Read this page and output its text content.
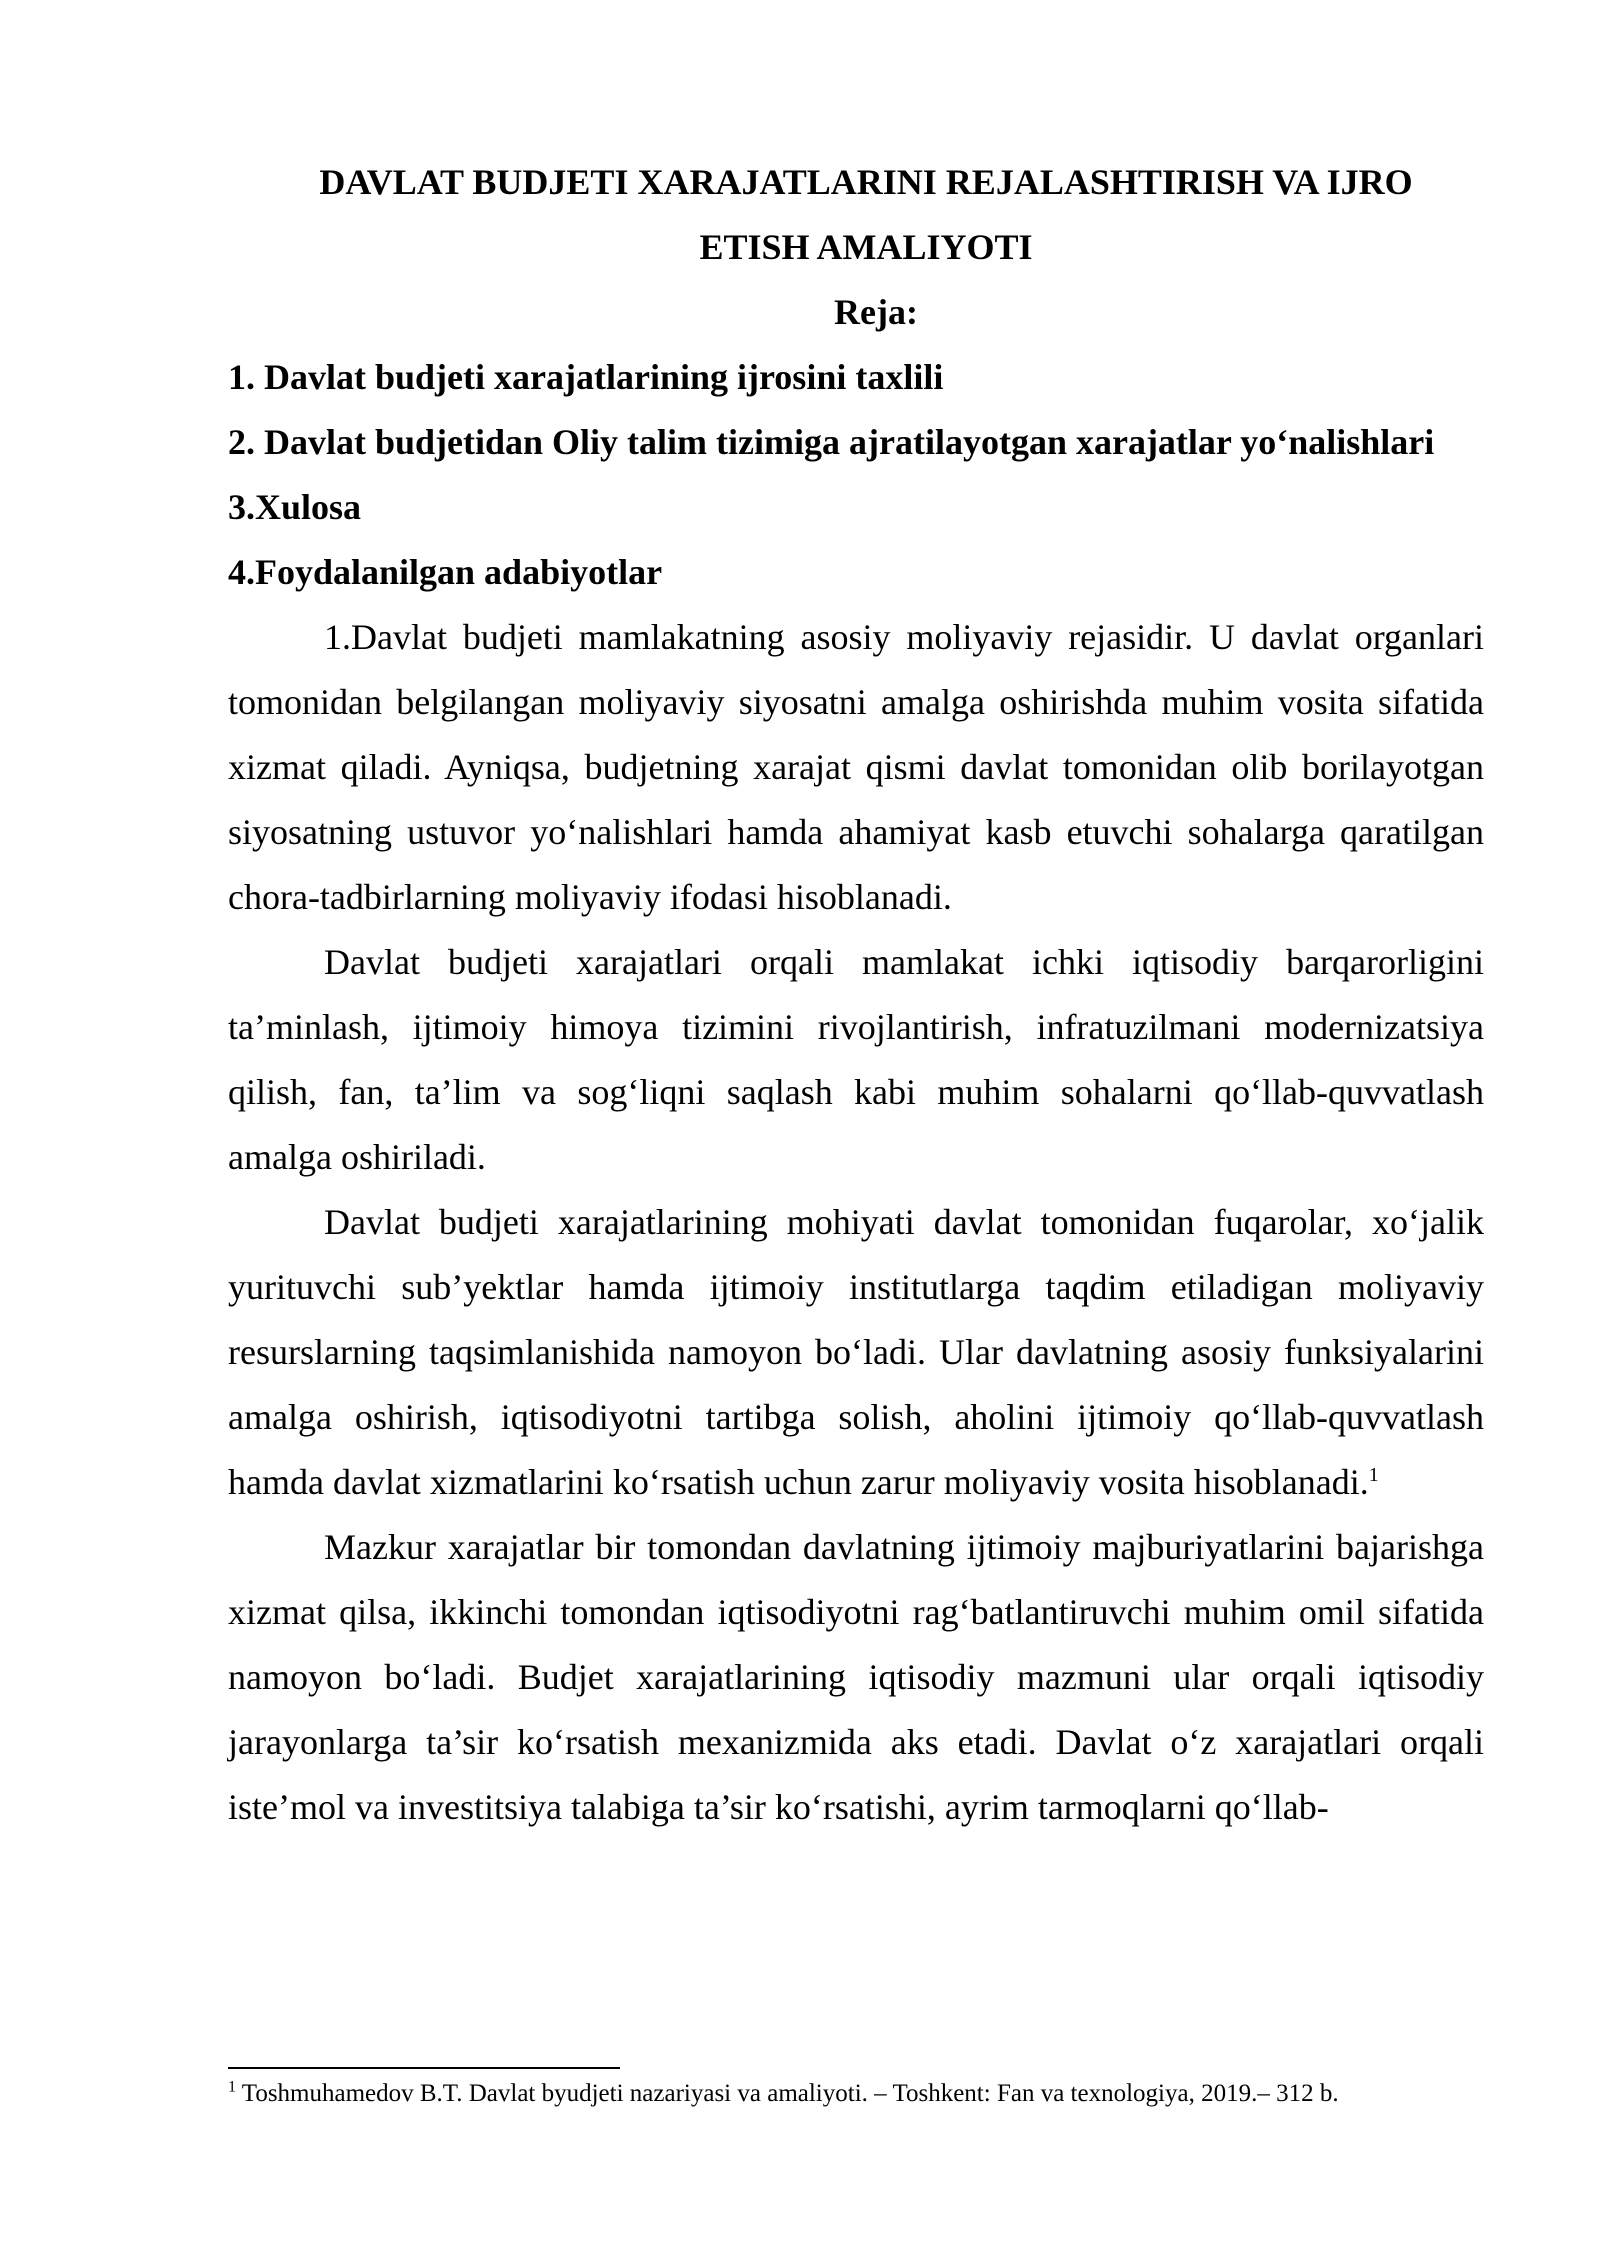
DAVLAT BUDJETI XARAJATLARINI REJALASHTIRISH VA IJRO ETISH AMALIYOTI

Reja:

1. Davlat budjeti xarajatlarining ijrosini taxlili

2. Davlat budjetidan Oliy talim tizimiga ajratilayotgan xarajatlar yo‘nalishlari

3.Xulosa

4.Foydalanilgan adabiyotlar

1.Davlat budjeti mamlakatning asosiy moliyaviy rejasidir. U davlat organlari tomonidan belgilangan moliyaviy siyosatni amalga oshirishda muhim vosita sifatida xizmat qiladi. Ayniqsa, budjetning xarajat qismi davlat tomonidan olib borilayotgan siyosatning ustuvor yo‘nalishlari hamda ahamiyat kasb etuvchi sohalarga qaratilgan chora-tadbirlarning moliyaviy ifodasi hisoblanadi.

Davlat budjeti xarajatlari orqali mamlakat ichki iqtisodiy barqarorligini ta’minlash, ijtimoiy himoya tizimini rivojlantirish, infratuzilmani modernizatsiya qilish, fan, ta’lim va sog‘liqni saqlash kabi muhim sohalarni qo‘llab-quvvatlash amalga oshiriladi.

Davlat budjeti xarajatlarining mohiyati davlat tomonidan fuqarolar, xo‘jalik yurituvchi sub’yektlar hamda ijtimoiy institutlarga taqdim etiladigan moliyaviy resurslarning taqsimlanishida namoyon bo‘ladi. Ular davlatning asosiy funksiyalarini amalga oshirish, iqtisodiyotni tartibga solish, aholini ijtimoiy qo‘llab-quvvatlash hamda davlat xizmatlarini ko‘rsatish uchun zarur moliyaviy vosita hisoblanadi.$^1$

Mazkur xarajatlar bir tomondan davlatning ijtimoiy majburiyatlarini bajarishga xizmat qilsa, ikkinchi tomondan iqtisodiyotni rag‘batlantiruvchi muhim omil sifatida namoyon bo‘ladi. Budjet xarajatlarining iqtisodiy mazmuni ular orqali iqtisodiy jarayonlarga ta’sir ko‘rsatish mexanizmida aks etadi. Davlat o‘z xarajatlari orqali iste’mol va investitsiya talabiga ta’sir ko‘rsatishi, ayrim tarmoqlarni qo‘llab-

$^1$ Toshmuhamedov B.T. Davlat byudjeti nazariyasi va amaliyoti. – Toshkent: Fan va texnologiya, 2019.– 312 b.
